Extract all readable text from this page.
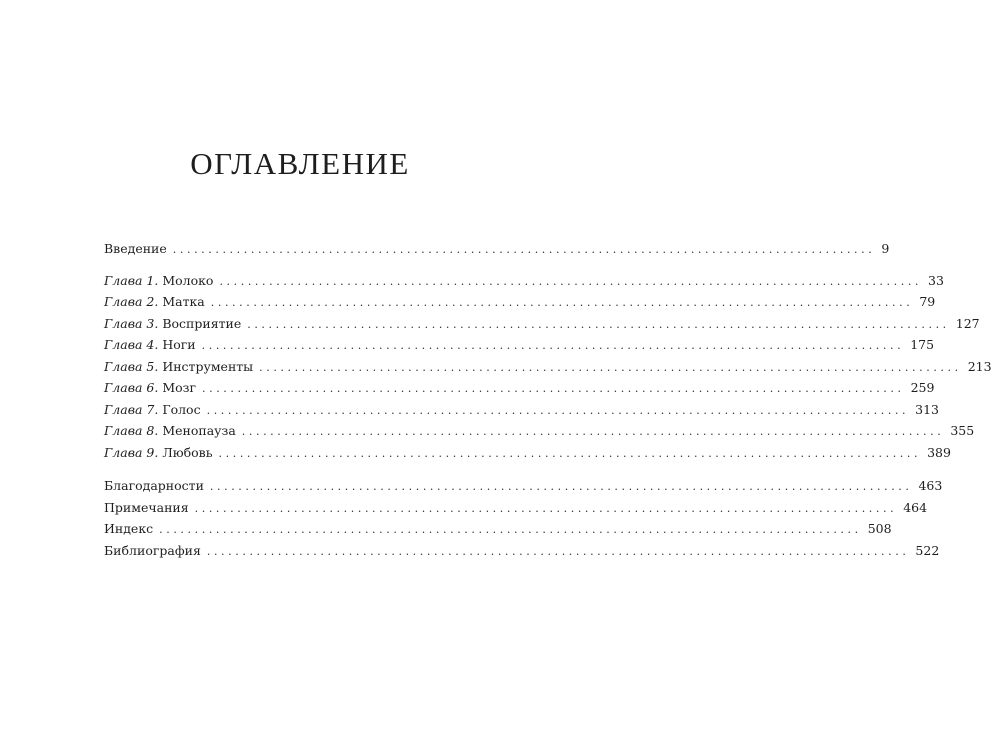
ОГЛАВЛЕНИЕ
Введение ................................................................................................... 9
Глава 1. Молоко ................................................................................................... 33
Глава 2. Матка ................................................................................................... 79
Глава 3. Восприятие ................................................................................................... 127
Глава 4. Ноги ................................................................................................... 175
Глава 5. Инструменты ................................................................................................... 213
Глава 6. Мозг ................................................................................................... 259
Глава 7. Голос ................................................................................................... 313
Глава 8. Менопауза ................................................................................................... 355
Глава 9. Любовь ................................................................................................... 389
Благодарности ................................................................................................... 463
Примечания ................................................................................................... 464
Индекс ................................................................................................... 508
Библиография ................................................................................................... 522
